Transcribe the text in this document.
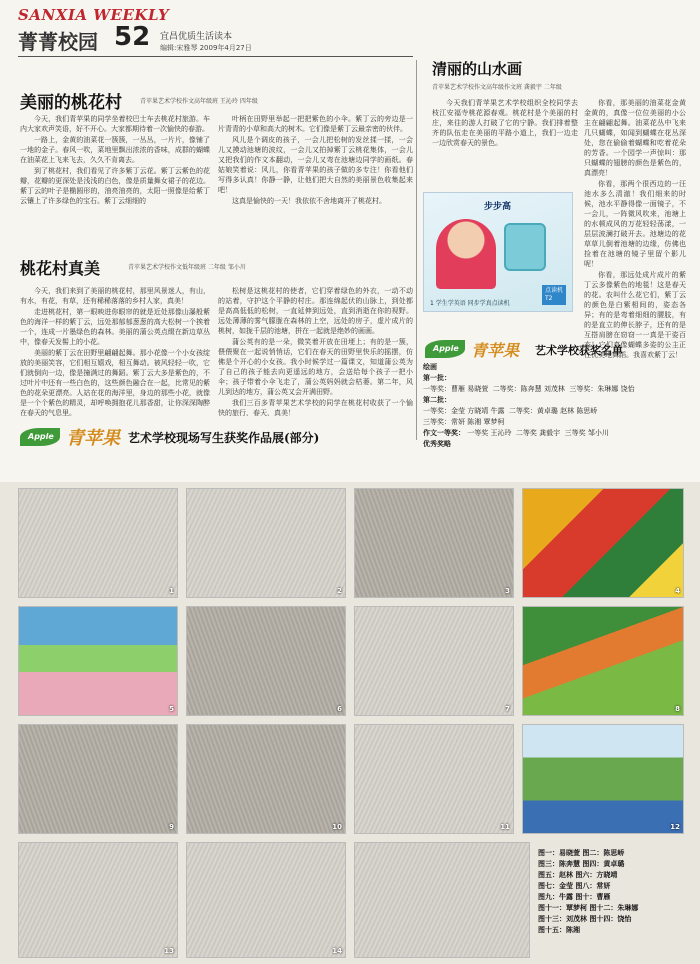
SANXIA WEEKLY
菁菁校园 52 宜昌优质生活读本
编辑:宋雅琴 2009年4月27日
美丽的桃花村	青苹果艺术学校作文高年级班 王沁玲 四年级

今天，我们青苹果的同学坐着校巴士车去桃花村旅游。车内大家欢声笑语，好不开心。大家都期待着一次愉快的春游。

一路上，金黄的油菜花一簇簇，一丛丛，一片片，像铺了一地的金子。春风一吹，菜地里飘出浓浓的香味，成群的蝴蝶在油菜花上飞来飞去，久久不肯离去。

到了桃花村，我们看见了许多紫丁云花。紫丁云紫色的花瓣，花瓣的更深处是浅浅的白色，像是质量舞女裙子的花边。紫丁云的叶子是椭圆形的，油亮油亮的，太阳一照像是给紫丁云镶上了许多绿色的宝石。紫丁云细细的

叶柄在田野里举起一把把紫色的小伞。紫丁云的旁边是一片青青的小草和高大的树木。它们像是紫丁云最亲密的伙伴。

风儿是个调皮的孩子，一会儿把松树的发丝揉一揉，一会儿又摸动池塘的波纹，一会儿又拍掉紫丁云桃花集体，一会儿又把我们的作文本翻动，一会儿又弯在池塘边同学的画纸。春姑娘笑着说：风儿，你看青苹果的孩子做的多专注！你看他们写得多认真！你静一静，让他们把大自然的美丽景色收集起来吧！

这真是愉快的一天！我依依不舍地离开了桃花村。

桃花村真美	青苹果艺术学校作文低年级班 二年级 邹小川

今天，我们来到了美丽的桃花村，那里风景迷人，有山，有水，有花，有草，还有稀稀落落的乡村人家，真美！

走进桃花村，第一眼映进你眼帘的就是近处那像山瀑般紫色的海洋一样的紫丁云，远处那郁郁葱葱的高大松树一个挨着一个，连成一片墨绿色的森林。美丽的蒲公英点缀在新边草丛中，像春天发髻上的小花。

美丽的紫丁云在田野里翩翩起舞。那小花像一个小女孩绽放的美丽笑容，它们相互嬉戏，相互舞动。被风轻轻一吹，它们就倒向一边，像是撞满过的舞蹈。紫丁云大多是紫色的，不过叶片中还有一些白色的，这些颜色融合在一起，比常见的紫色的花朵更漂亮。人站在花的海洋里，身边的那些小花，就像是一个个紫色的精灵，却呼唤拥抱花儿那香甜，让你深深陶醉在春天的气息里。

松树是这桃花村的使者，它们穿着绿色的外衣，一动不动的站着，守护这个平静的村庄。那连绵起伏的山脉上，到处都是高高低低的松树，一直延伸到远处，直到消逝在你的视野。远处薄薄的雾气朦胧在森林的上空，远处的房子，虚片成片的桃树，如拢千层的池塘，拼在一起就是绝妙的画画。

蒲公英有的是一朵，微笑着开放在田埂上；有的是一簇，偎偎聚在一起说悄悄话，它们在春天的田野里快乐的摇摆，仿佛是个开心的小女孩。我小时候学过一篇课文，知道蒲公英为了自己的孩子能去向更遥远的地方，会送给每个孩子一把小伞；孩子带着小伞飞走了，蒲公英妈妈就会枯萎。第二年，风儿到达的地方，蒲公英又会开满田野。

我们三百多青苹果艺术学校的同学在桃花村收获了一个愉快的旅行，春天，真美！

清丽的山水画
青苹果艺术学校作文高年级作文班 龚毅宇 二年级

今天我们青苹果艺术学校组织全校同学去枝江安福寺桃花源春观。桃花村是个美丽的村庄，来往的游人打破了它的宁静。我们排着整齐的队伍走在美丽的平路小道上，我们一边走一边欣赏春天的景色。

你看，那美丽的油菜花金黄金黄的，真像一位位美丽的小公主在翩翩起舞。油菜花丛中飞来几只蝴蝶，如闻到蝴蝶在花丛深处，您在偷偷着蝴蝶和吃着花朵的芳香。一个园学一声惊叫：那只蝴蝶的翅膀的颜色是紫色的，真漂亮！

你看，那两个很西边的一汪池水多么清澈！我们细来的时候，池水平静得像一面镜子，不一会儿，一阵微风吹来，池塘上的水顿成风的万花轻轻荡漾，一层层波澜打破开去。池塘边的花草草儿倒着池塘的边缘，仿佛也捡着在池塘的镜子里留个影儿呢！

你看，那远处成片成片的紫丁云多像紫色的地毯！这是春天的花。农叫什么花它们，紫丁云的颜色是白紫相间的，姿态各异；有的是弯着细细的腰肢，有的是直立的伸长脖子，还有的是互搭肩膀在窃窃一一真是干姿百态！它们真像蝴蝶多姿的公主正在优美地舞蹈。我喜欢紫丁云！

步步高
点读机
T2
1 学生学英语 同步学真点读机
Apple 青苹果 艺术学校获奖名单
绘画
第一批：
一等奖：曹雁 易晓萱 二等奖：陈奔慧 刘茂林 三等奖：朱琳娜 饶怡
第二批：
一等奖：金莹 方晓靖 牛露 二等奖：黄卓璐 赵林 陈思峤
三等奖：常妍 陈湘 覃梦柯
作文一等奖： 一等奖 王沁玲 二等奖 龚毅宇 三等奖 邹小川
优秀奖略
Apple 青苹果 艺术学校现场写生获奖作品展(部分)
1	2	3	4
5	6	7	8
9	10	11	12
13	14
图一：易晓萱 图二：陈思峤
图三：陈奔慧 图四：黄卓璐
图五：赵林 图六：方晓靖
图七：金莹 图八：常妍
图九：牛露 图十：曹雁
图十一：覃梦柯 图十二：朱琳娜
图十三：刘茂林 图十四：饶怡
图十五：陈湘
